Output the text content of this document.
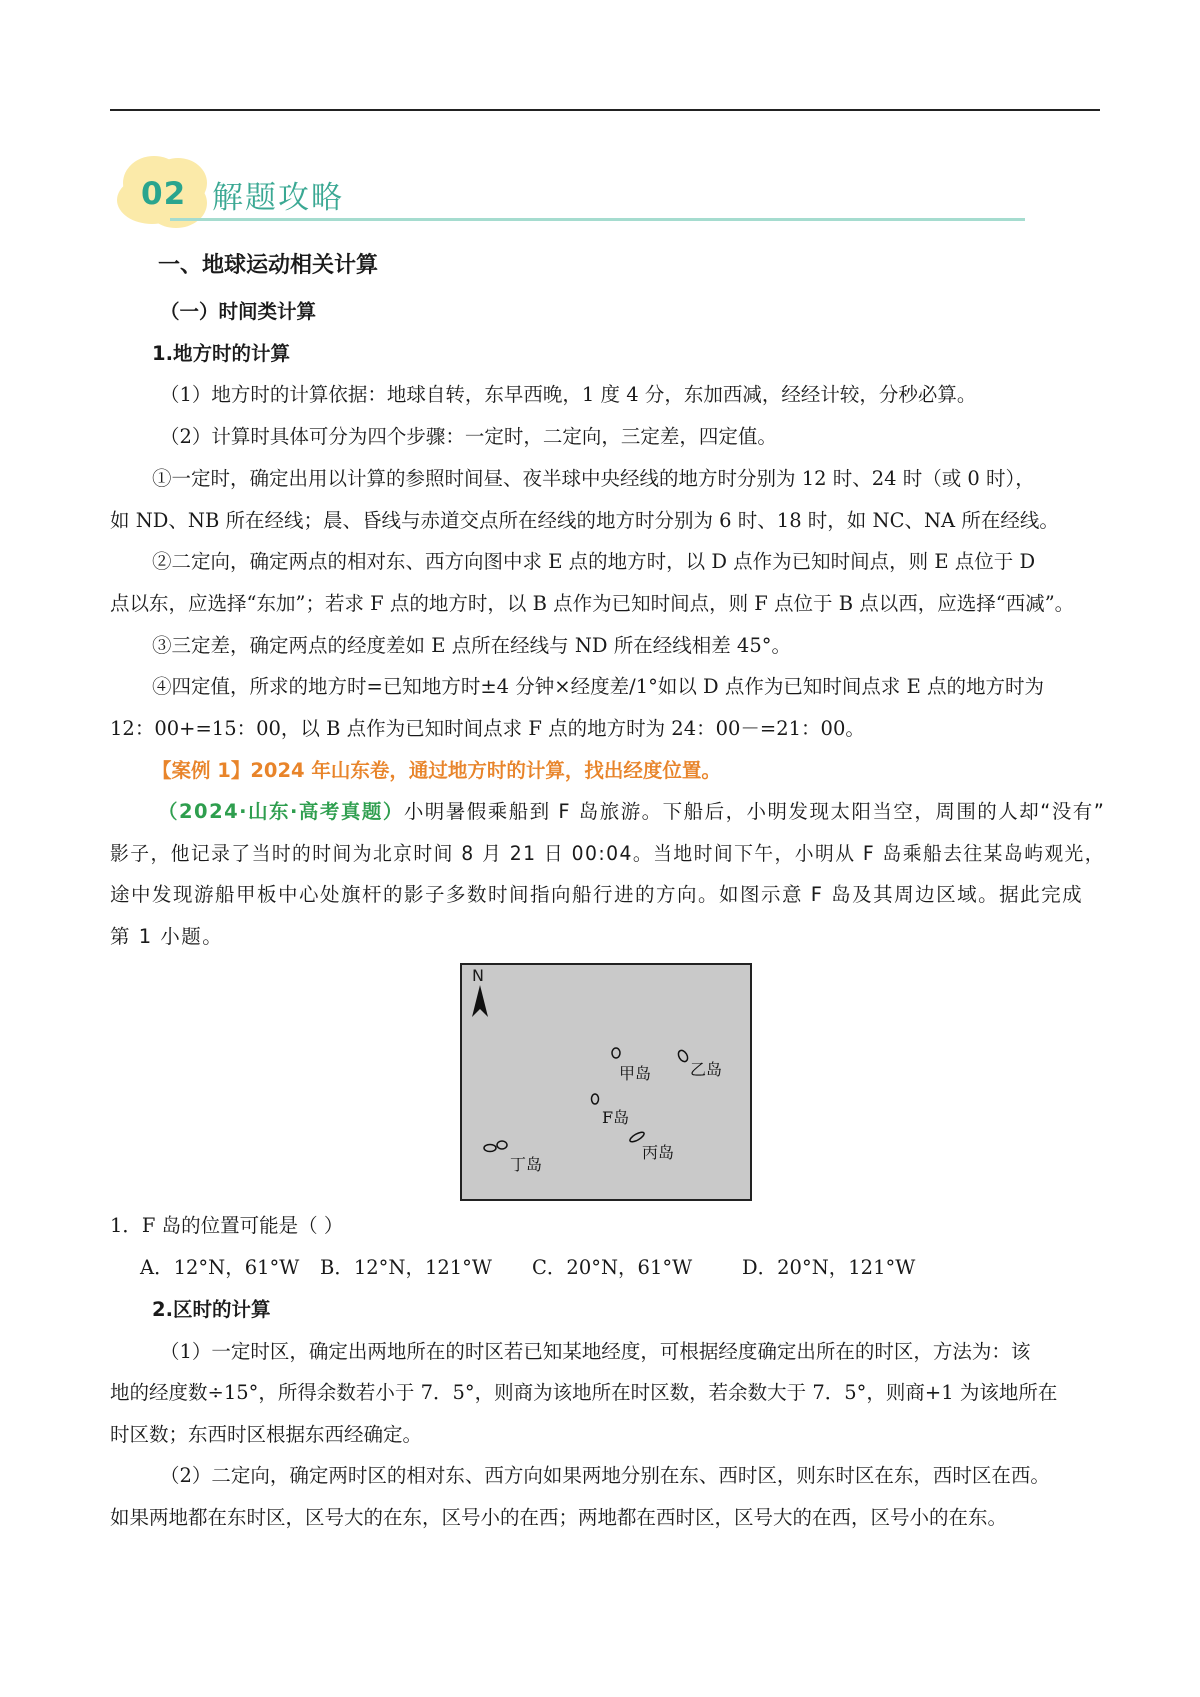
02 解题攻略
一、地球运动相关计算
（一）时间类计算
1.地方时的计算
（1）地方时的计算依据：地球自转，东早西晚，1 度 4 分，东加西减，经经计较，分秒必算。
（2）计算时具体可分为四个步骤：一定时，二定向，三定差，四定值。
①一定时，确定出用以计算的参照时间昼、夜半球中央经线的地方时分别为 12 时、24 时（或 0 时），
如 ND、NB 所在经线；晨、昏线与赤道交点所在经线的地方时分别为 6 时、18 时，如 NC、NA 所在经线。
②二定向，确定两点的相对东、西方向图中求 E 点的地方时，以 D 点作为已知时间点，则 E 点位于 D
点以东，应选择“东加”；若求 F 点的地方时，以 B 点作为已知时间点，则 F 点位于 B 点以西，应选择“西减”。
③三定差，确定两点的经度差如 E 点所在经线与 ND 所在经线相差 45°。
④四定值，所求的地方时=已知地方时±4 分钟×经度差/1°如以 D 点作为已知时间点求 E 点的地方时为
12：00+=15：00，以 B 点作为已知时间点求 F 点的地方时为 24：00－=21：00。
【案例 1】2024 年山东卷，通过地方时的计算，找出经度位置。
（2024·山东·高考真题）小明暑假乘船到 F 岛旅游。下船后，小明发现太阳当空，周围的人却“没有”
影子，他记录了当时的时间为北京时间 8 月 21 日 00:04。当地时间下午，小明从 F 岛乘船去往某岛屿观光，
途中发现游船甲板中心处旗杆的影子多数时间指向船行进的方向。如图示意 F 岛及其周边区域。据此完成
第 1 小题。
N
甲岛 乙岛
F岛
丙岛
丁岛
1．F 岛的位置可能是（ ）
A．12°N，61°W B．12°N，121°W C．20°N，61°W	D．20°N，121°W
2.区时的计算
（1）一定时区，确定出两地所在的时区若已知某地经度，可根据经度确定出所在的时区，方法为：该
地的经度数÷15°，所得余数若小于 7．5°，则商为该地所在时区数，若余数大于 7．5°，则商+1 为该地所在
时区数；东西时区根据东西经确定。
（2）二定向，确定两时区的相对东、西方向如果两地分别在东、西时区，则东时区在东，西时区在西。
如果两地都在东时区，区号大的在东，区号小的在西；两地都在西时区，区号大的在西，区号小的在东。
